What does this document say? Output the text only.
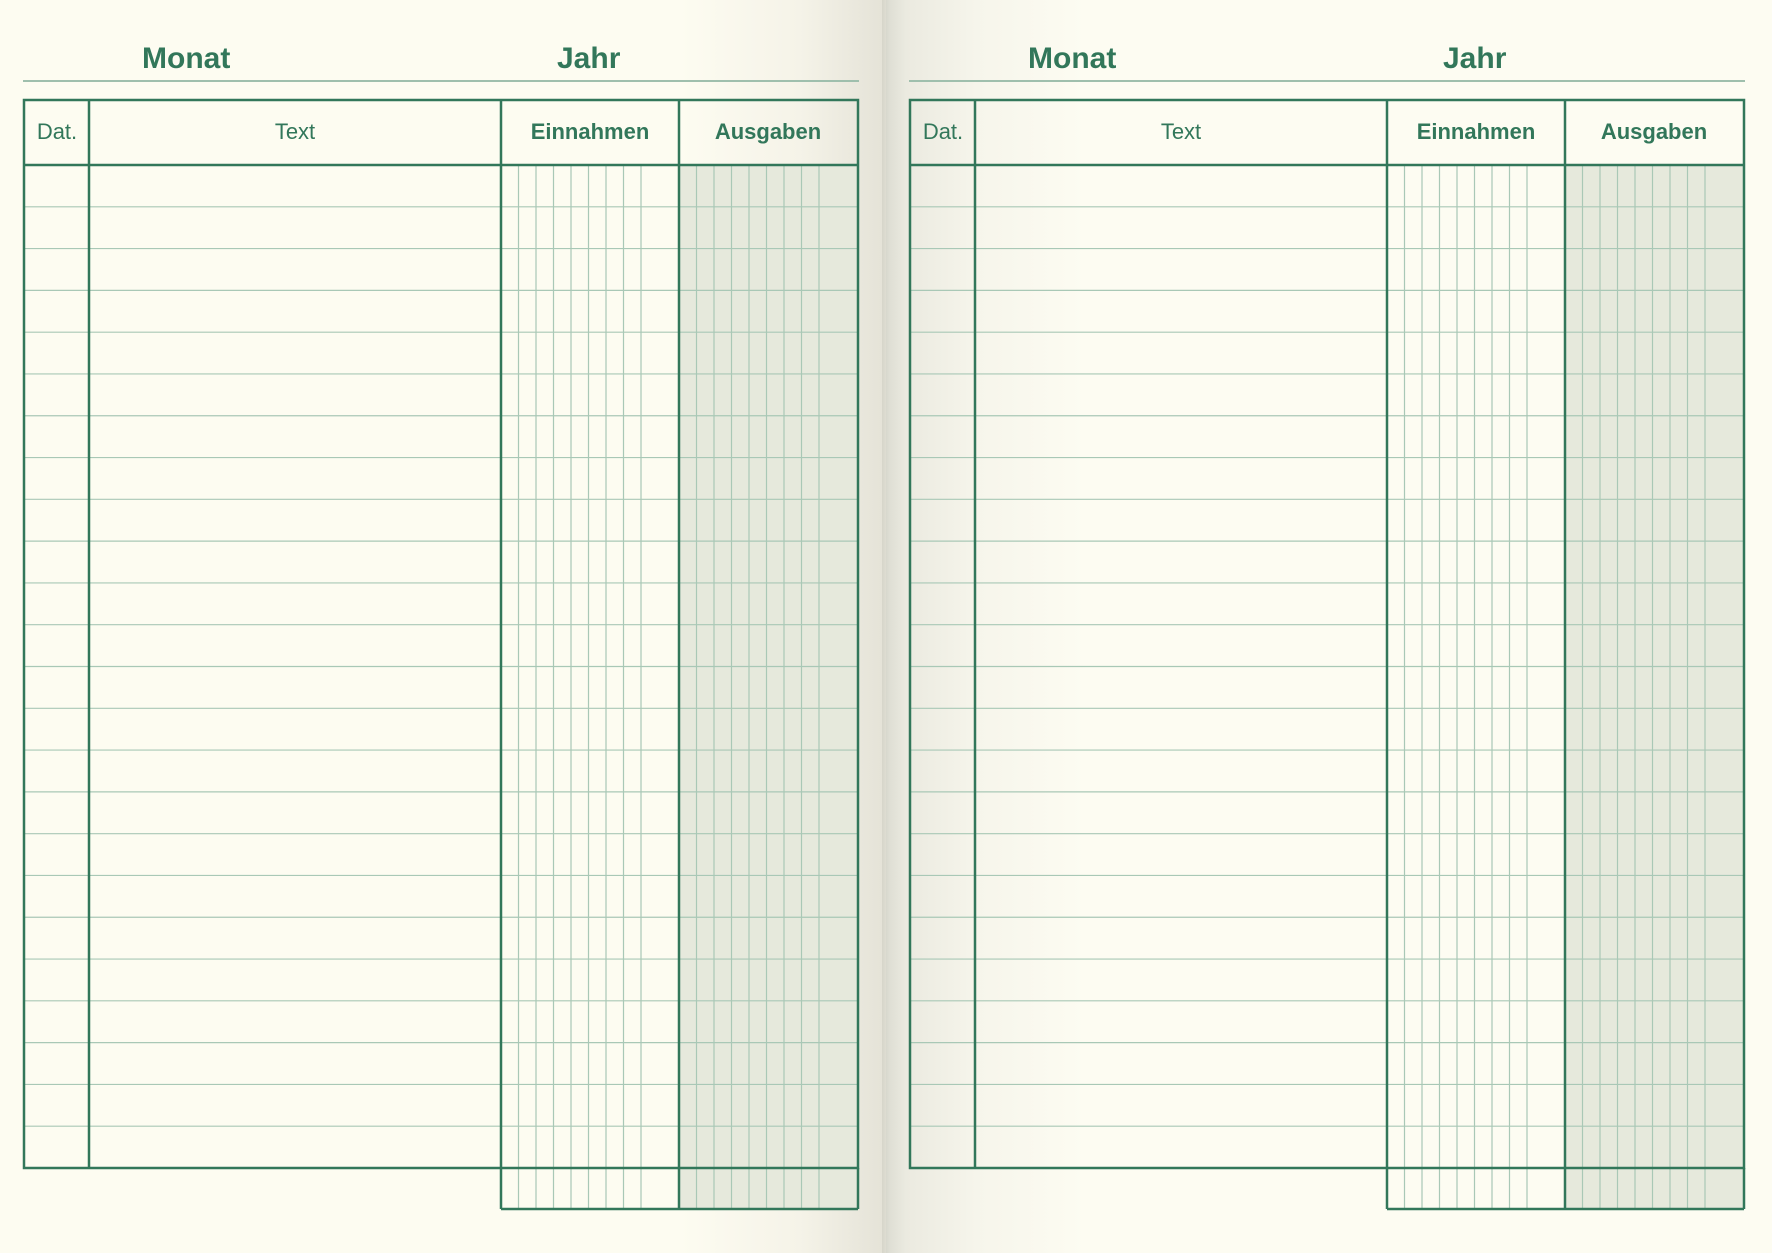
Monat	Jahr
Dat.	Text	Einnahmen	Ausgaben
Monat	Jahr
Dat.	Text	Einnahmen	Ausgaben
